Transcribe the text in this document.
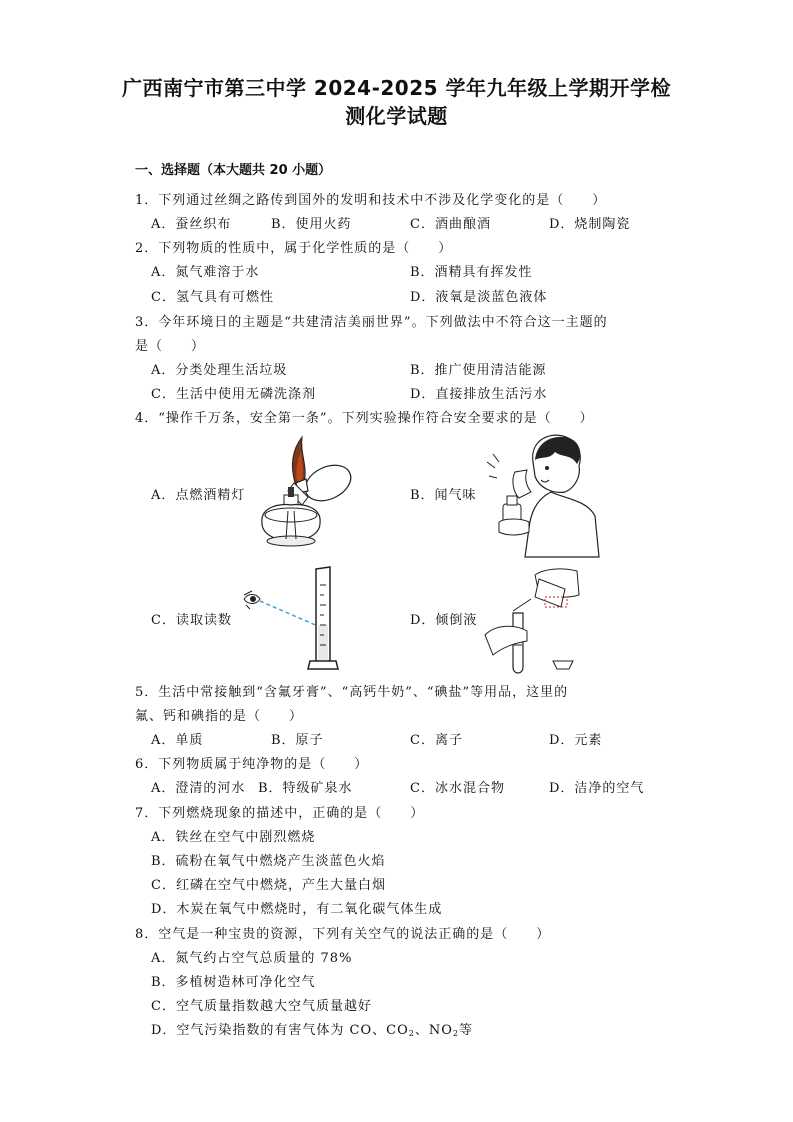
广西南宁市第三中学 2024-2025 学年九年级上学期开学检
测化学试题
一、选择题（本大题共 20 小题）
1．下列通过丝绸之路传到国外的发明和技术中不涉及化学变化的是（　　）
A．蚕丝织布	B．使用火药	C．酒曲酿酒	D．烧制陶瓷
2．下列物质的性质中，属于化学性质的是（　　）
A．氮气难溶于水	B．酒精具有挥发性
C．氢气具有可燃性	D．液氧是淡蓝色液体
3．今年环境日的主题是“共建清洁美丽世界”。下列做法中不符合这一主题的
是（　　）
A．分类处理生活垃圾	B．推广使用清洁能源
C．生活中使用无磷洗涤剂	D．直接排放生活污水
4．“操作千万条，安全第一条”。下列实验操作符合安全要求的是（　　）
A．点燃酒精灯	B．闻气味
C．读取读数	D．倾倒液
5．生活中常接触到“含氟牙膏”、“高钙牛奶”、“碘盐”等用品，这里的
氟、钙和碘指的是（　　）
A．单质	B．原子	C．离子	D．元素
6．下列物质属于纯净物的是（　　）
A．澄清的河水 B．特级矿泉水	C．冰水混合物	D．洁净的空气
7．下列燃烧现象的描述中，正确的是（　　）
A．铁丝在空气中剧烈燃烧
B．硫粉在氧气中燃烧产生淡蓝色火焰
C．红磷在空气中燃烧，产生大量白烟
D．木炭在氧气中燃烧时，有二氧化碳气体生成
8．空气是一种宝贵的资源，下列有关空气的说法正确的是（　　）
A．氮气约占空气总质量的 78%
B．多植树造林可净化空气
C．空气质量指数越大空气质量越好
D．空气污染指数的有害气体为 CO、$CO_2$、$NO_2$等
